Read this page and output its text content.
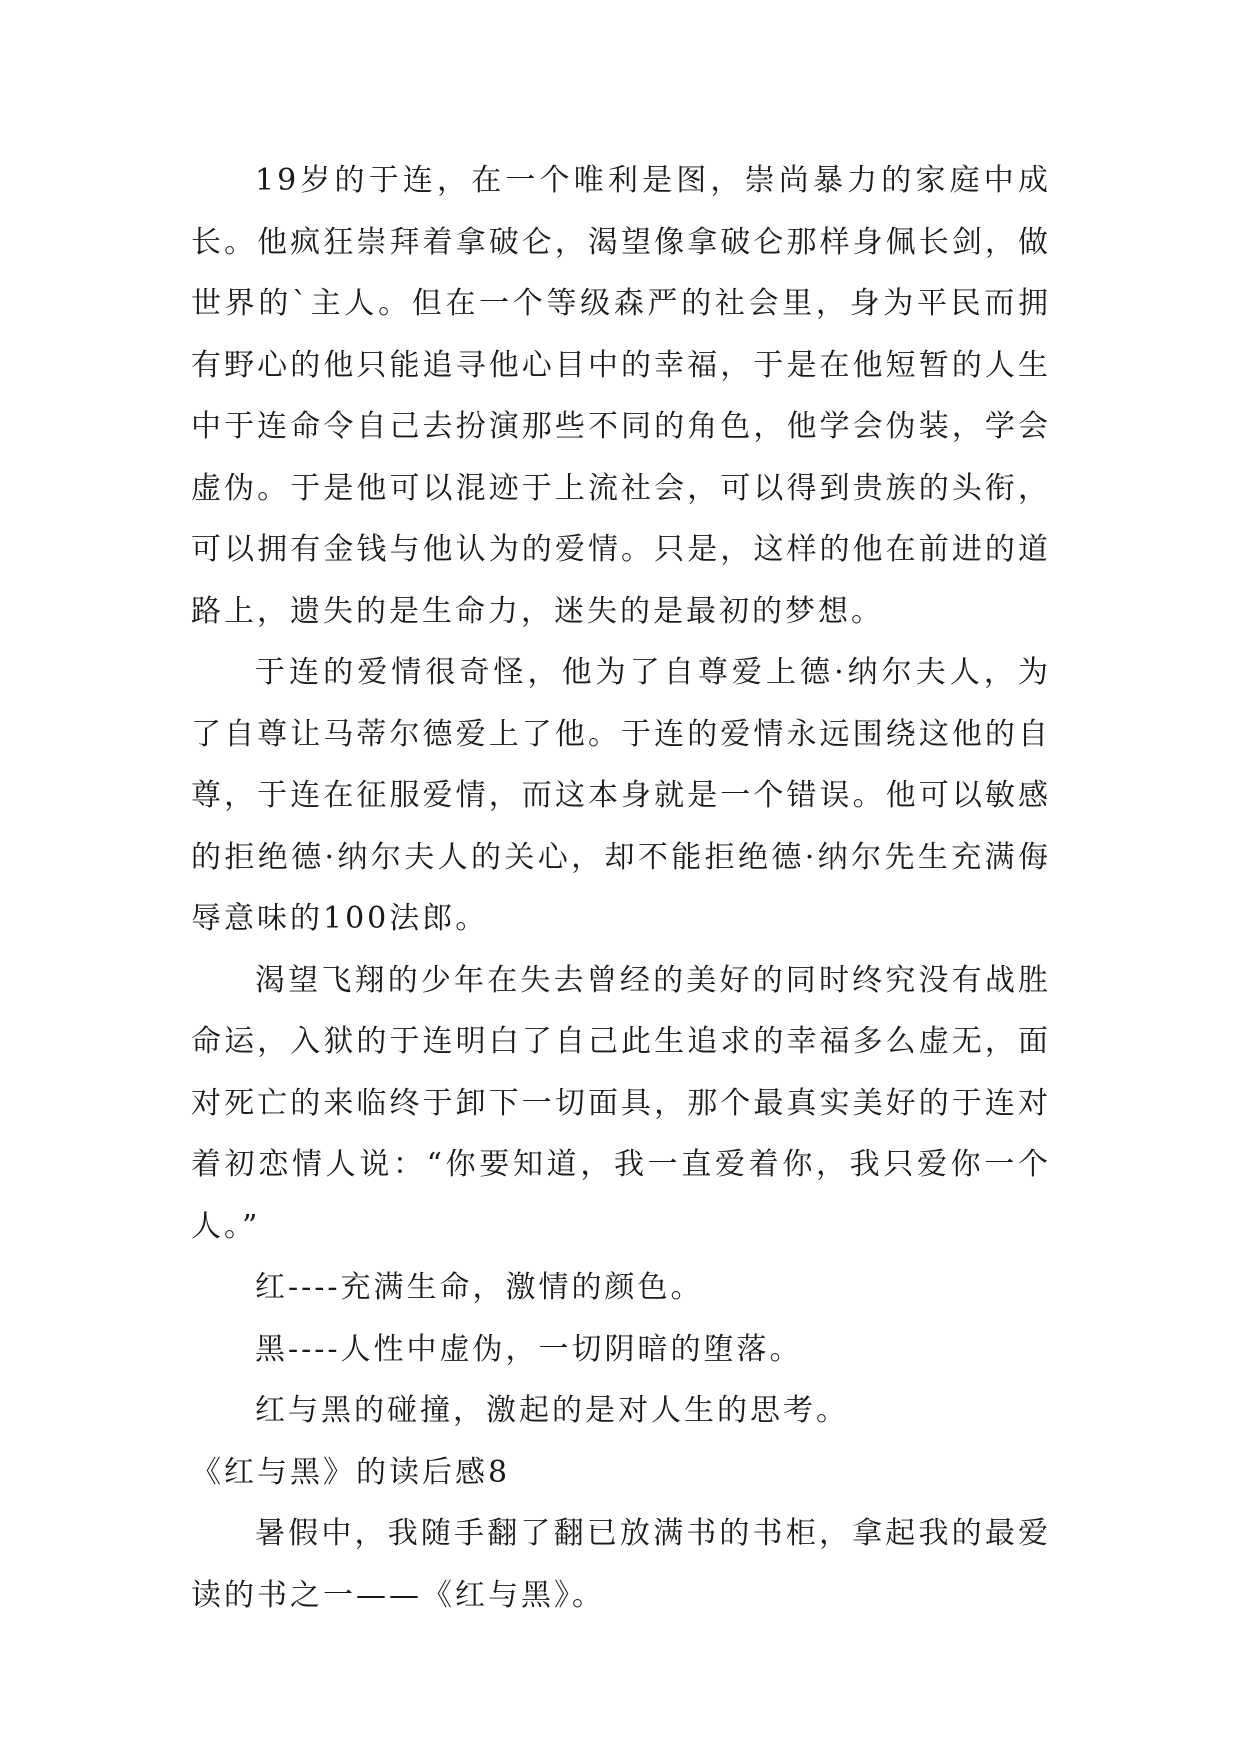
19岁的于连，在一个唯利是图，崇尚暴力的家庭中成长。他疯狂崇拜着拿破仑，渴望像拿破仑那样身佩长剑，做世界的`主人。但在一个等级森严的社会里，身为平民而拥有野心的他只能追寻他心目中的幸福，于是在他短暂的人生中于连命令自己去扮演那些不同的角色，他学会伪装，学会虚伪。于是他可以混迹于上流社会，可以得到贵族的头衔，可以拥有金钱与他认为的爱情。只是，这样的他在前进的道路上，遗失的是生命力，迷失的是最初的梦想。

于连的爱情很奇怪，他为了自尊爱上德·纳尔夫人，为了自尊让马蒂尔德爱上了他。于连的爱情永远围绕这他的自尊，于连在征服爱情，而这本身就是一个错误。他可以敏感的拒绝德·纳尔夫人的关心，却不能拒绝德·纳尔先生充满侮辱意味的100法郎。

渴望飞翔的少年在失去曾经的美好的同时终究没有战胜命运，入狱的于连明白了自己此生追求的幸福多么虚无，面对死亡的来临终于卸下一切面具，那个最真实美好的于连对着初恋情人说：“你要知道，我一直爱着你，我只爱你一个人。”

红----充满生命，激情的颜色。

黑----人性中虚伪，一切阴暗的堕落。

红与黑的碰撞，激起的是对人生的思考。

《红与黑》的读后感8

暑假中，我随手翻了翻已放满书的书柜，拿起我的最爱读的书之一——《红与黑》。
